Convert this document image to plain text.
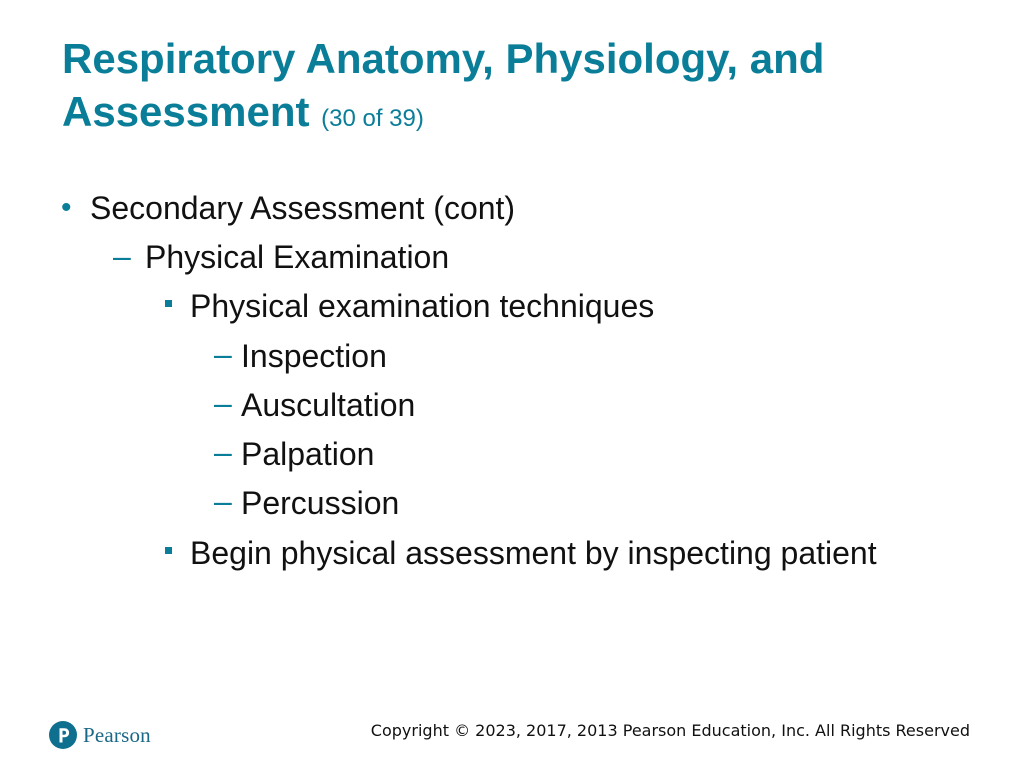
Respiratory Anatomy, Physiology, and Assessment (30 of 39)
• Secondary Assessment (cont)
– Physical Examination
Physical examination techniques
– Inspection
– Auscultation
– Palpation
– Percussion
Begin physical assessment by inspecting patient
Pearson	Copyright © 2023, 2017, 2013 Pearson Education, Inc. All Rights Reserved
